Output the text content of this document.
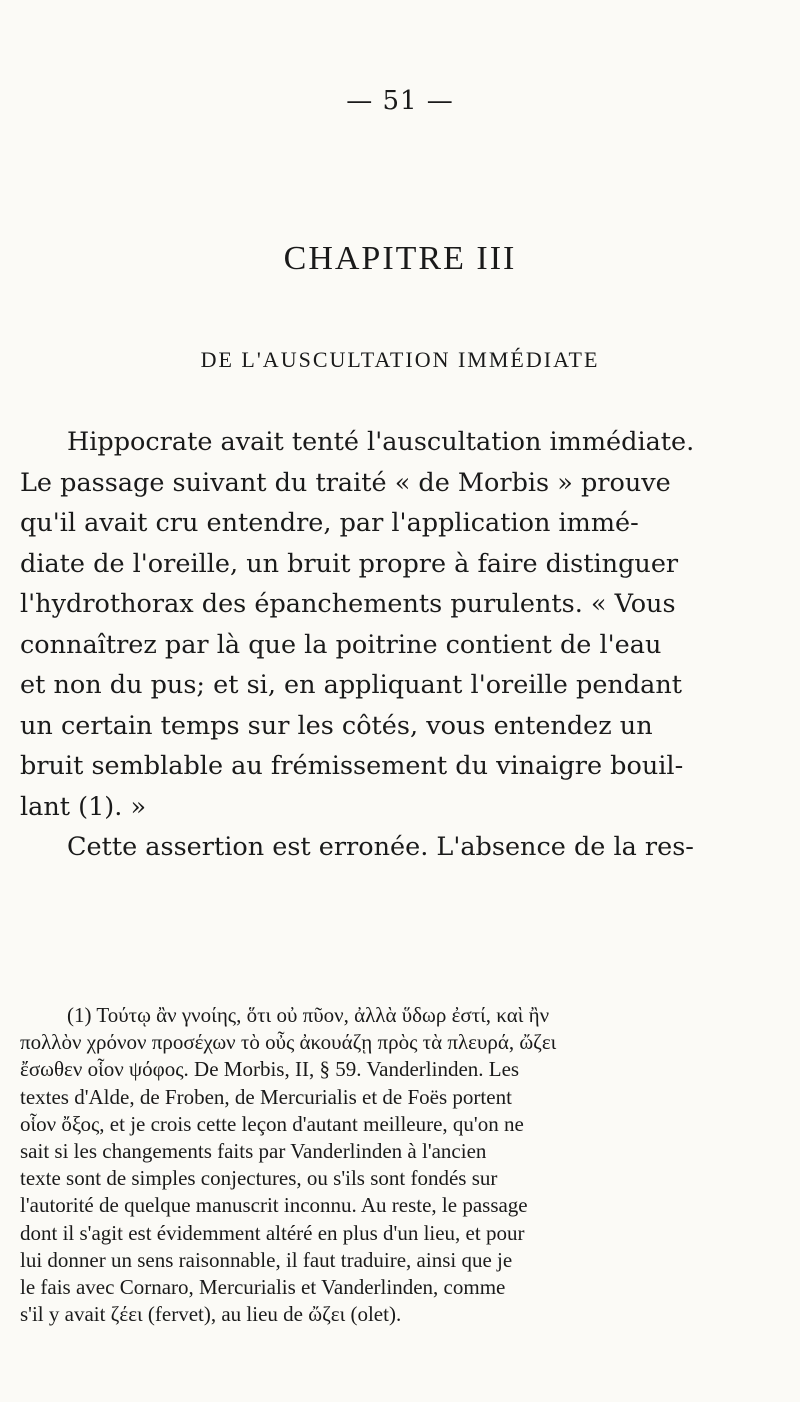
— 51 —
CHAPITRE III
DE L'AUSCULTATION IMMÉDIATE
Hippocrate avait tenté l'auscultation immédiate.
Le passage suivant du traité « de Morbis » prouve
qu'il avait cru entendre, par l'application immé-
diate de l'oreille, un bruit propre à faire distinguer
l'hydrothorax des épanchements purulents. « Vous
connaîtrez par là que la poitrine contient de l'eau
et non du pus; et si, en appliquant l'oreille pendant
un certain temps sur les côtés, vous entendez un
bruit semblable au frémissement du vinaigre bouil-
lant (1). »
Cette assertion est erronée. L'absence de la res-
(1) Τούτῳ ἂν γνοίης, ὅτι οὐ πῦον, ἀλλὰ ὕδωρ ἐστί, καὶ ἢν
πολλὸν χρόνον προσέχων τὸ οὖς ἀκουάζῃ πρὸς τὰ πλευρά, ὤζει
ἔσωθεν οἷον ψόφος. De Morbis, II, § 59. Vanderlinden. Les
textes d'Alde, de Froben, de Mercurialis et de Foës portent
οἷον ὄξος, et je crois cette leçon d'autant meilleure, qu'on ne
sait si les changements faits par Vanderlinden à l'ancien
texte sont de simples conjectures, ou s'ils sont fondés sur
l'autorité de quelque manuscrit inconnu. Au reste, le passage
dont il s'agit est évidemment altéré en plus d'un lieu, et pour
lui donner un sens raisonnable, il faut traduire, ainsi que je
le fais avec Cornaro, Mercurialis et Vanderlinden, comme
s'il y avait ζέει (fervet), au lieu de ὤζει (olet).
